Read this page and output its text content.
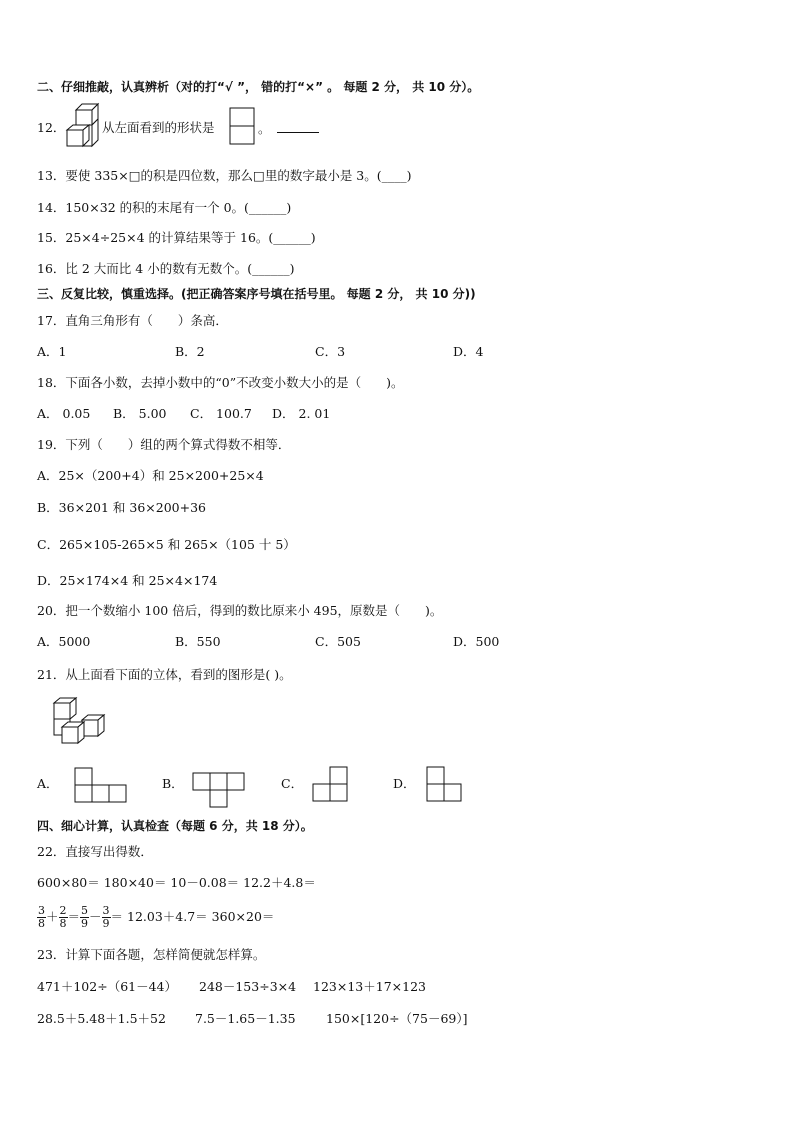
二、仔细推敲，认真辨析（对的打“√ ”， 错的打“×” 。 每题 2 分， 共 10 分）。
12．	从左面看到的形状是	。
13．要使 335×□的积是四位数，那么□里的数字最小是 3。(____)
14．150×32 的积的末尾有一个 0。(______)
15．25×4÷25×4 的计算结果等于 16。(______)
16．比 2 大而比 4 小的数有无数个。(______)
三、反复比较，慎重选择。(把正确答案序号填在括号里。 每题 2 分， 共 10 分))
17．直角三角形有（　　）条高．
A．1	B．2	C．3	D．4
18．下面各小数，去掉小数中的“0”不改变小数大小的是（　　)。
A． 0.05 B． 5.00 C． 100.7 D． 2. 01
19．下列（　　）组的两个算式得数不相等．
A．25×（200+4）和 25×200+25×4
B．36×201 和 36×200+36
C．265×105-265×5 和 265×（105 十 5）
D．25×174×4 和 25×4×174
20．把一个数缩小 100 倍后，得到的数比原来小 495，原数是（　　)。
A．5000	B．550	C．505	D．500
21．从上面看下面的立体，看到的图形是( )。
A．	B．	C．	D．
四、细心计算，认真检查（每题 6 分，共 18 分）。
22．直接写出得数．
600×80＝ 180×40＝ 10－0.08＝ 12.2＋4.8＝
$\frac{3}{8} + \frac{2}{8} = \frac{5}{9} - \frac{3}{9} = 12.03+4.7= 360\times 20=$
23．计算下面各题，怎样简便就怎样算。
471＋102÷（61－44） 248－153÷3×4 123×13＋17×123
28.5＋5.48＋1.5＋52 7.5－1.65－1.35 150×[120÷（75－69）]
